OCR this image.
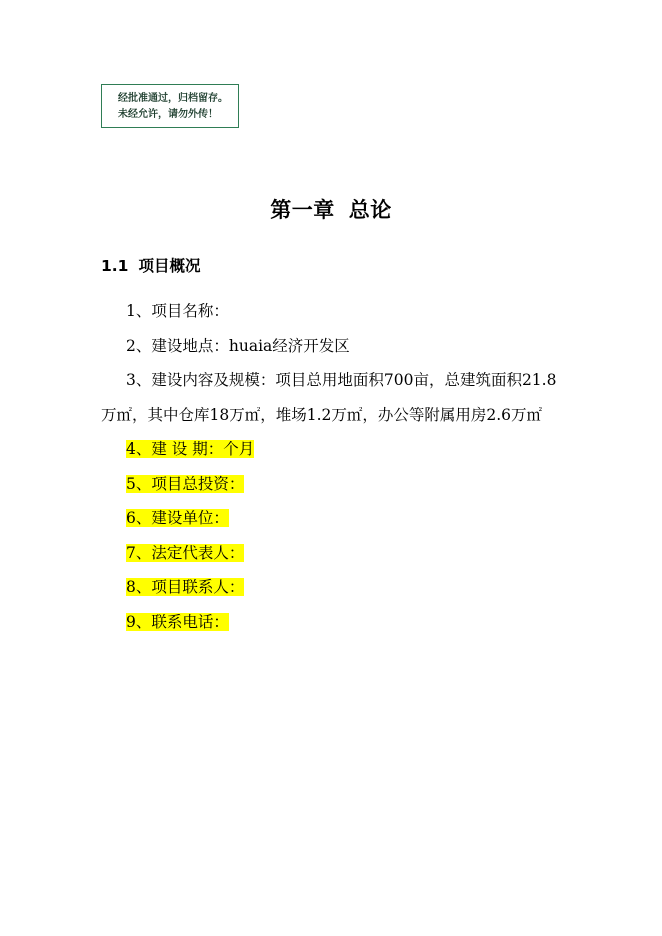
经批准通过，归档留存。
未经允许，请勿外传！
第一章 总论
1.1 项目概况

1、项目名称：

2、建设地点：huaia经济开发区

3、建设内容及规模：项目总用地面积700亩，总建筑面积21.8万㎡，其中仓库18万㎡，堆场1.2万㎡，办公等附属用房2.6万㎡

4、建 设 期：个月

5、项目总投资：

6、建设单位：

7、法定代表人：

8、项目联系人：

9、联系电话：
